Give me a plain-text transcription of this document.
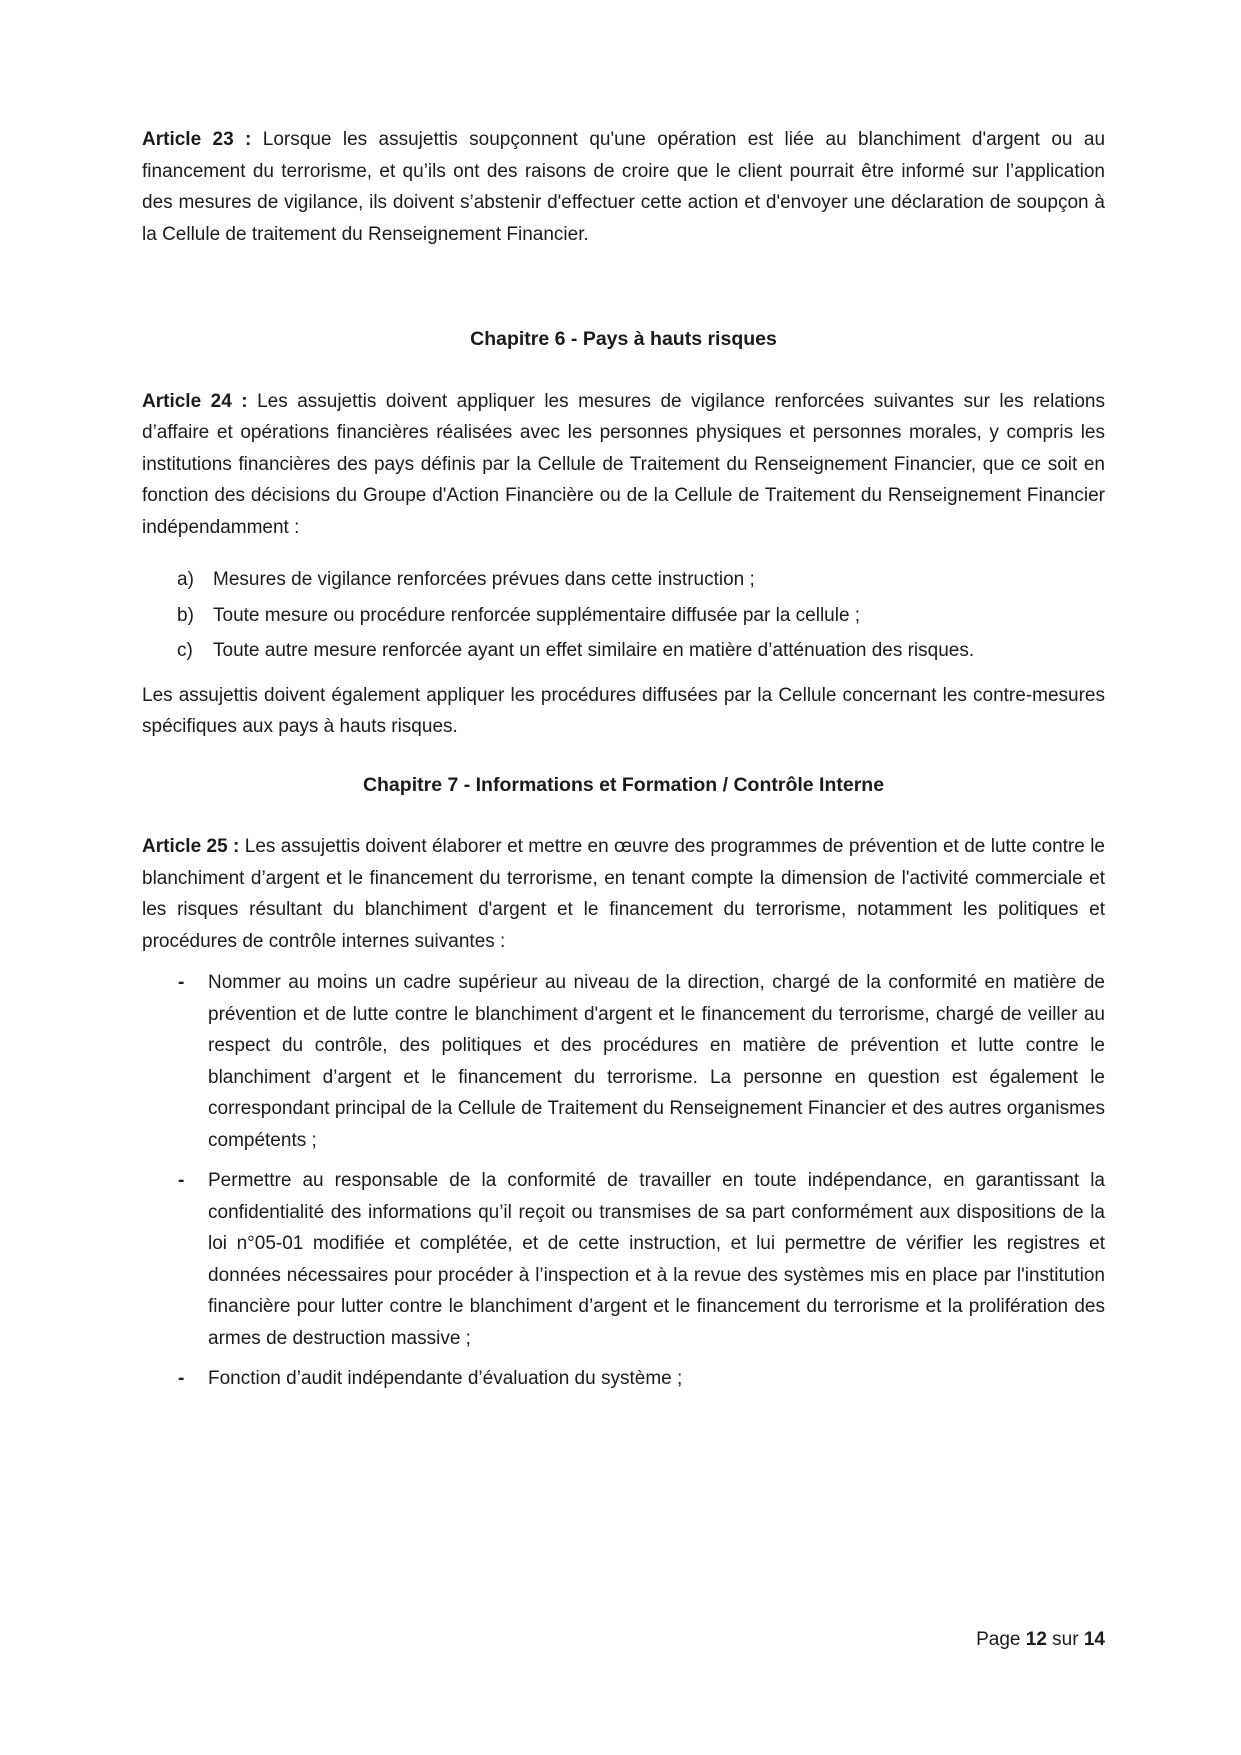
Article 23 : Lorsque les assujettis soupçonnent qu'une opération est liée au blanchiment d'argent ou au financement du terrorisme, et qu’ils ont des raisons de croire que le client pourrait être informé sur l’application des mesures de vigilance, ils doivent s’abstenir d'effectuer cette action et d'envoyer une déclaration de soupçon à la Cellule de traitement du Renseignement Financier.

Chapitre 6 - Pays à hauts risques

Article 24 : Les assujettis doivent appliquer les mesures de vigilance renforcées suivantes sur les relations d’affaire et opérations financières réalisées avec les personnes physiques et personnes morales, y compris les institutions financières des pays définis par la Cellule de Traitement du Renseignement Financier, que ce soit en fonction des décisions du Groupe d'Action Financière ou de la Cellule de Traitement du Renseignement Financier indépendamment :

a) Mesures de vigilance renforcées prévues dans cette instruction ;
b) Toute mesure ou procédure renforcée supplémentaire diffusée par la cellule ;
c) Toute autre mesure renforcée ayant un effet similaire en matière d’atténuation des risques.

Les assujettis doivent également appliquer les procédures diffusées par la Cellule concernant les contre-mesures spécifiques aux pays à hauts risques.

Chapitre 7 - Informations et Formation / Contrôle Interne

Article 25 : Les assujettis doivent élaborer et mettre en œuvre des programmes de prévention et de lutte contre le blanchiment d’argent et le financement du terrorisme, en tenant compte la dimension de l'activité commerciale et les risques résultant du blanchiment d'argent et le financement du terrorisme, notamment les politiques et procédures de contrôle internes suivantes :

- Nommer au moins un cadre supérieur au niveau de la direction, chargé de la conformité en matière de prévention et de lutte contre le blanchiment d'argent et le financement du terrorisme, chargé de veiller au respect du contrôle, des politiques et des procédures en matière de prévention et lutte contre le blanchiment d’argent et le financement du terrorisme. La personne en question est également le correspondant principal de la Cellule de Traitement du Renseignement Financier et des autres organismes compétents ;
- Permettre au responsable de la conformité de travailler en toute indépendance, en garantissant la confidentialité des informations qu’il reçoit ou transmises de sa part conformément aux dispositions de la loi n°05-01 modifiée et complétée, et de cette instruction, et lui permettre de vérifier les registres et données nécessaires pour procéder à l’inspection et à la revue des systèmes mis en place par l'institution financière pour lutter contre le blanchiment d’argent et le financement du terrorisme et la prolifération des armes de destruction massive ;
- Fonction d’audit indépendante d’évaluation du système ;
Page 12 sur 14
